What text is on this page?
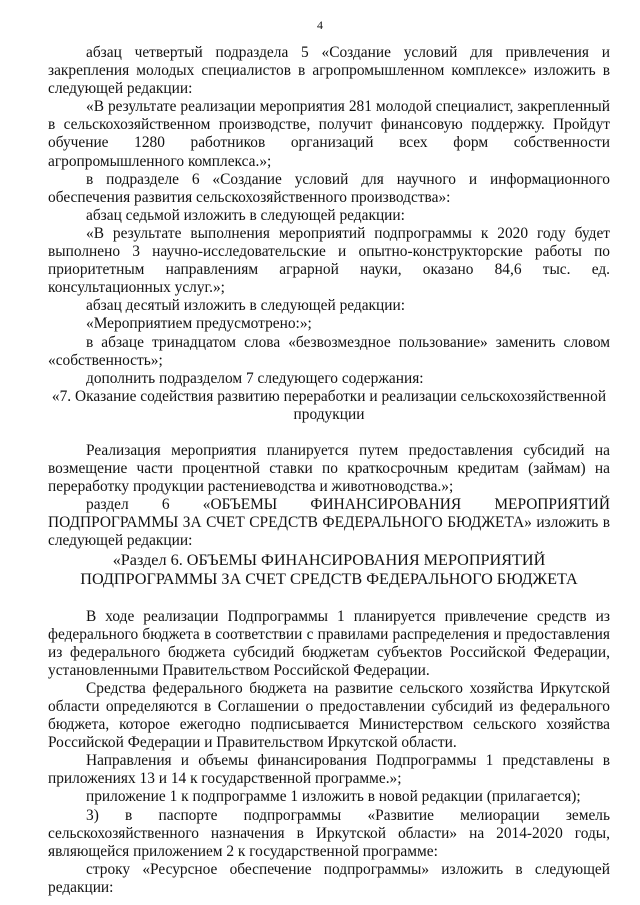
4

абзац четвертый подраздела 5 «Создание условий для привлечения и закрепления молодых специалистов в агропромышленном комплексе» изложить в следующей редакции:

«В результате реализации мероприятия 281 молодой специалист, закрепленный в сельскохозяйственном производстве, получит финансовую поддержку. Пройдут обучение 1280 работников организаций всех форм собственности агропромышленного комплекса.»;

в подразделе 6 «Создание условий для научного и информационного обеспечения развития сельскохозяйственного производства»:

абзац седьмой изложить в следующей редакции:

«В результате выполнения мероприятий подпрограммы к 2020 году будет выполнено 3 научно-исследовательские и опытно-конструкторские работы по приоритетным направлениям аграрной науки, оказано 84,6 тыс. ед. консультационных услуг.»;

абзац десятый изложить в следующей редакции:

«Мероприятием предусмотрено:»;

в абзаце тринадцатом слова «безвозмездное пользование» заменить словом «собственность»;

дополнить подразделом 7 следующего содержания:

«7. Оказание содействия развитию переработки и реализации сельскохозяйственной продукции

Реализация мероприятия планируется путем предоставления субсидий на возмещение части процентной ставки по краткосрочным кредитам (займам) на переработку продукции растениеводства и животноводства.»;

раздел 6 «ОБЪЕМЫ ФИНАНСИРОВАНИЯ МЕРОПРИЯТИЙ ПОДПРОГРАММЫ ЗА СЧЕТ СРЕДСТВ ФЕДЕРАЛЬНОГО БЮДЖЕТА» изложить в следующей редакции:

«Раздел 6. ОБЪЕМЫ ФИНАНСИРОВАНИЯ МЕРОПРИЯТИЙ ПОДПРОГРАММЫ ЗА СЧЕТ СРЕДСТВ ФЕДЕРАЛЬНОГО БЮДЖЕТА

В ходе реализации Подпрограммы 1 планируется привлечение средств из федерального бюджета в соответствии с правилами распределения и предоставления из федерального бюджета субсидий бюджетам субъектов Российской Федерации, установленными Правительством Российской Федерации.

Средства федерального бюджета на развитие сельского хозяйства Иркутской области определяются в Соглашении о предоставлении субсидий из федерального бюджета, которое ежегодно подписывается Министерством сельского хозяйства Российской Федерации и Правительством Иркутской области.

Направления и объемы финансирования Подпрограммы 1 представлены в приложениях 13 и 14 к государственной программе.»;

приложение 1 к подпрограмме 1 изложить в новой редакции (прилагается);

3) в паспорте подпрограммы «Развитие мелиорации земель сельскохозяйственного назначения в Иркутской области» на 2014-2020 годы, являющейся приложением 2 к государственной программе:

строку «Ресурсное обеспечение подпрограммы» изложить в следующей редакции:
